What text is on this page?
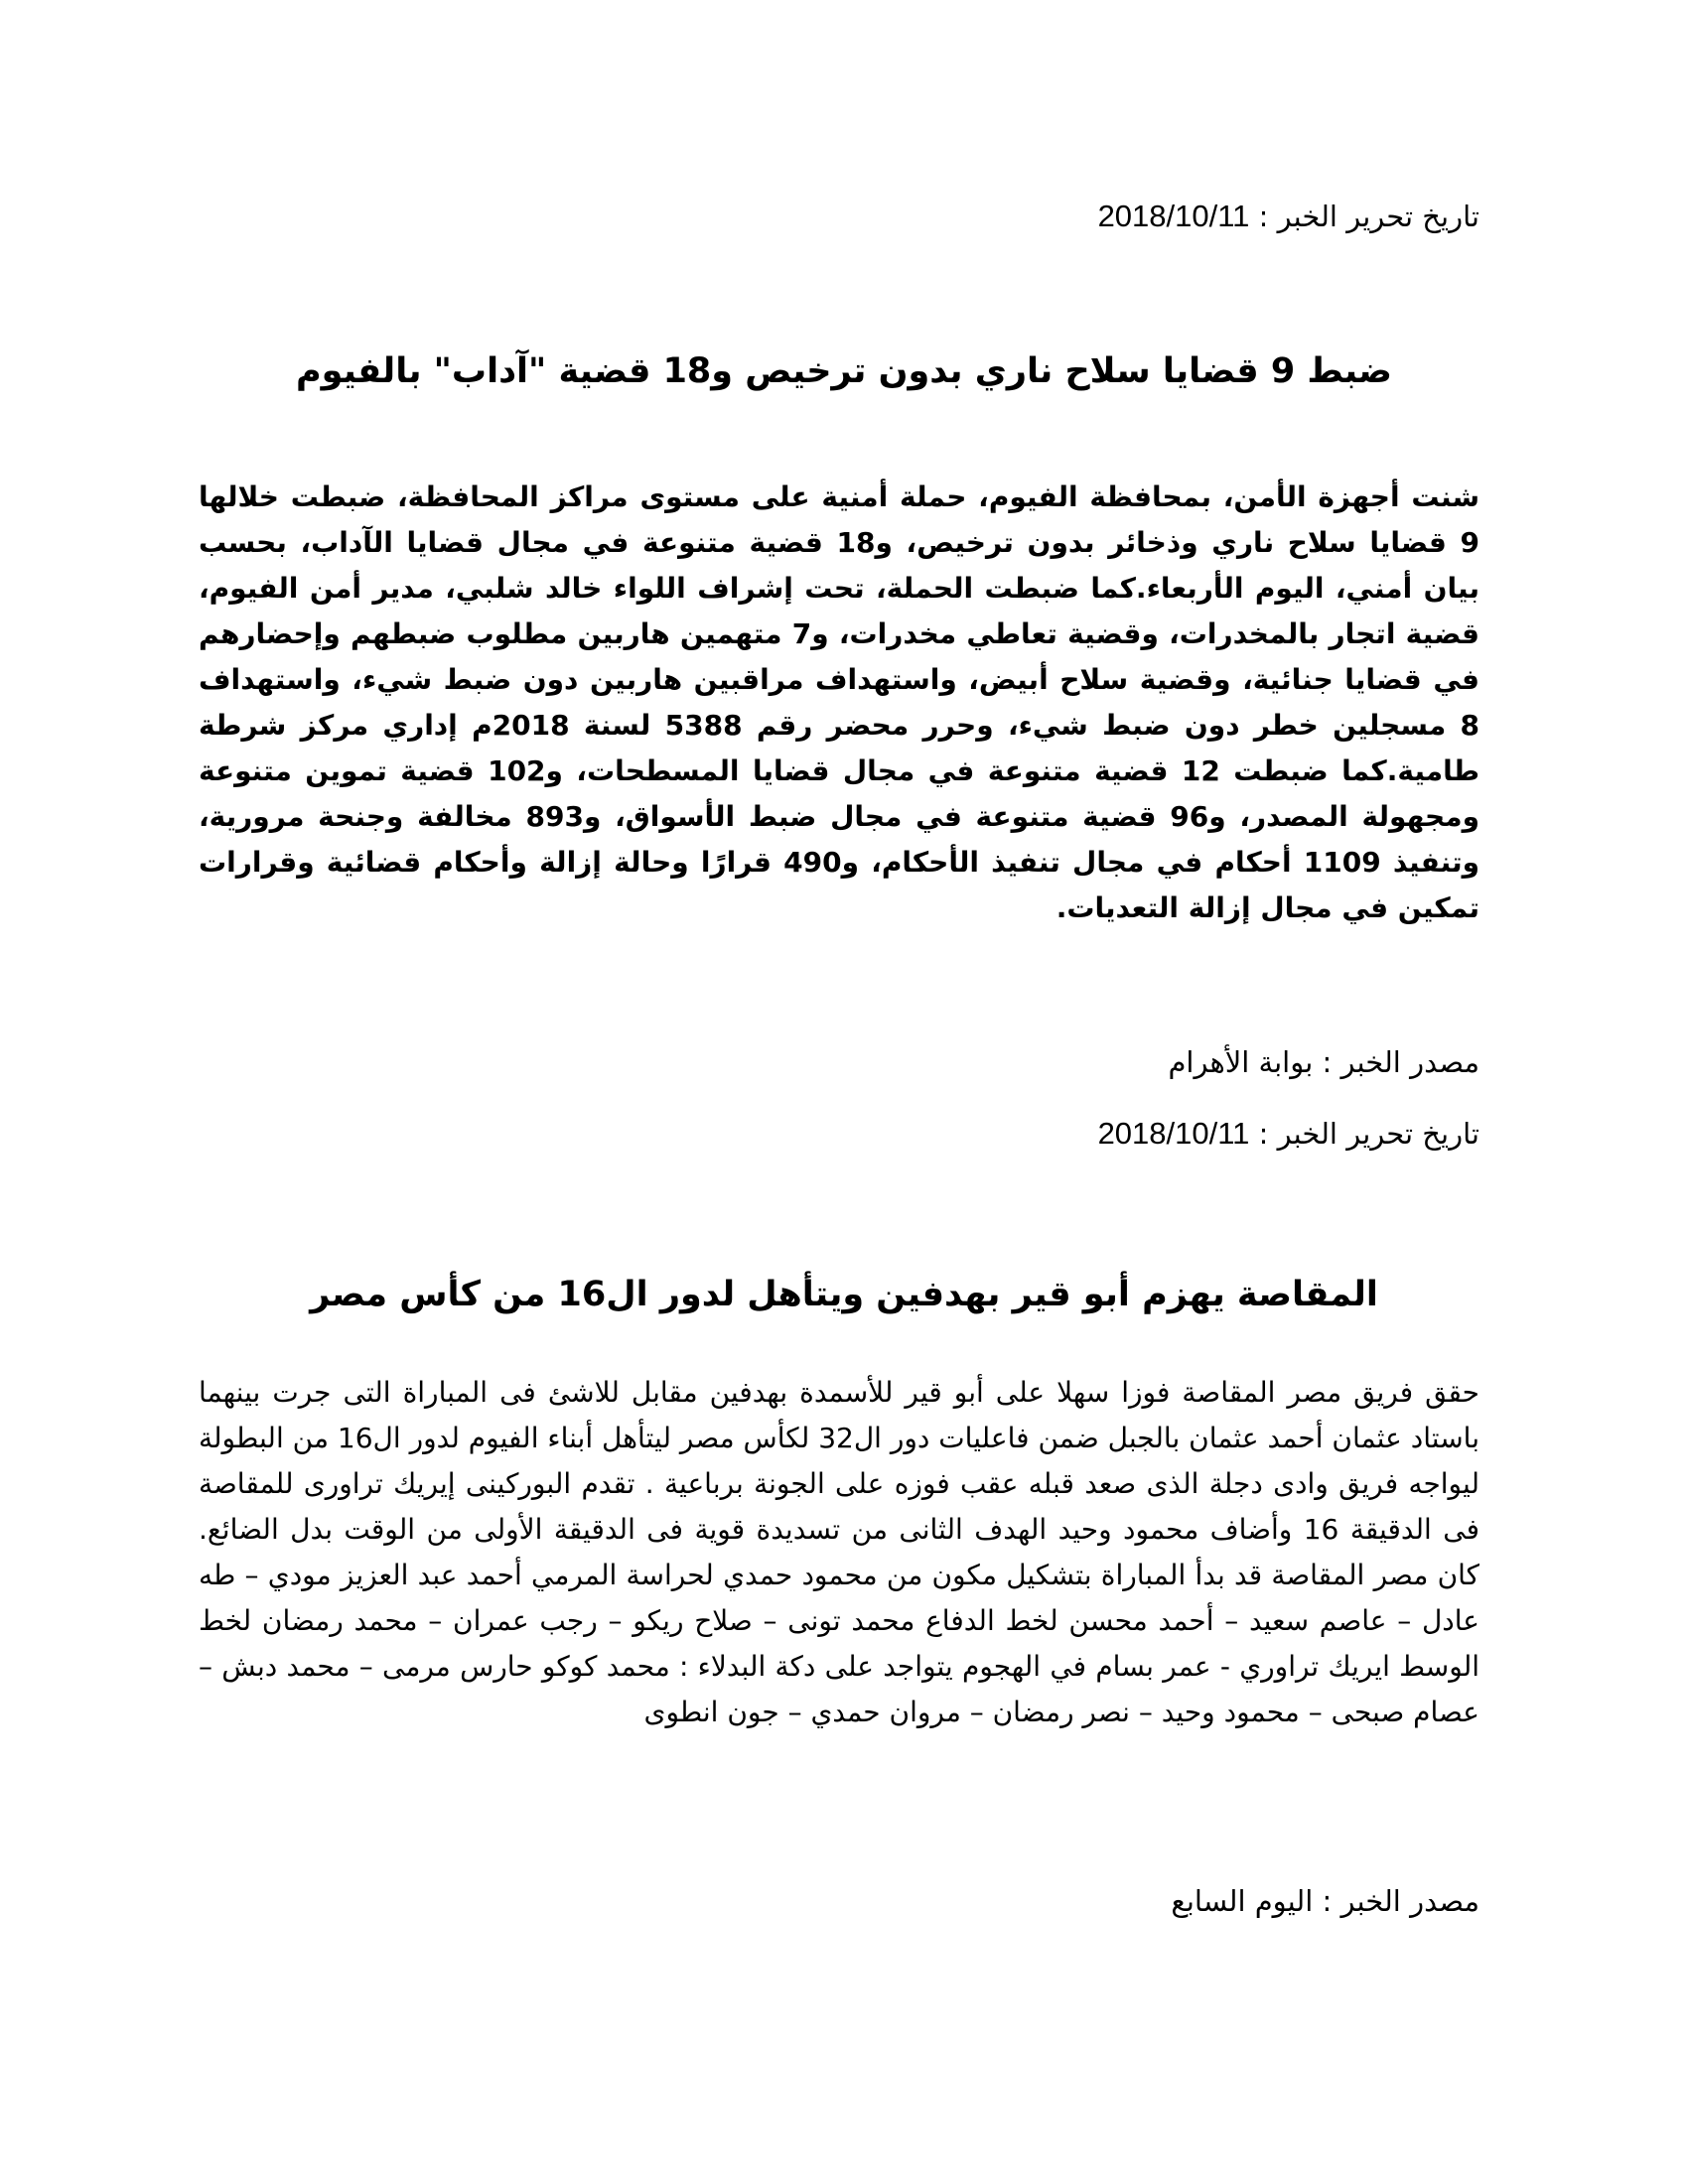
تاريخ تحرير الخبر : 2018/10/11
ضبط 9 قضايا سلاح ناري بدون ترخيص و18 قضية "آداب" بالفيوم
شنت أجهزة الأمن، بمحافظة الفيوم، حملة أمنية على مستوى مراكز المحافظة، ضبطت خلالها 9 قضايا سلاح ناري وذخائر بدون ترخيص، و18 قضية متنوعة في مجال قضايا الآداب، بحسب بيان أمني، اليوم الأربعاء.كما ضبطت الحملة، تحت إشراف اللواء خالد شلبي، مدير أمن الفيوم، قضية اتجار بالمخدرات، وقضية تعاطي مخدرات، و7 متهمين هاربين مطلوب ضبطهم وإحضارهم في قضايا جنائية، وقضية سلاح أبيض، واستهداف مراقبين هاربين دون ضبط شيء، واستهداف 8 مسجلين خطر دون ضبط شيء، وحرر محضر رقم 5388 لسنة 2018م إداري مركز شرطة طامية.كما ضبطت 12 قضية متنوعة في مجال قضايا المسطحات، و102 قضية تموين متنوعة ومجهولة المصدر، و96 قضية متنوعة في مجال ضبط الأسواق، و893 مخالفة وجنحة مرورية، وتنفيذ 1109 أحكام في مجال تنفيذ الأحكام، و490 قرارًا وحالة إزالة وأحكام قضائية وقرارات تمكين في مجال إزالة التعديات.
مصدر الخبر : بوابة الأهرام
تاريخ تحرير الخبر : 2018/10/11
المقاصة يهزم أبو قير بهدفين ويتأهل لدور ال16 من كأس مصر
حقق فريق مصر المقاصة فوزا سهلا على أبو قير للأسمدة بهدفين مقابل للاشئ فى المباراة التى جرت بينهما باستاد عثمان أحمد عثمان بالجبل ضمن فاعليات دور ال32 لكأس مصر ليتأهل أبناء الفيوم لدور ال16 من البطولة ليواجه فريق وادى دجلة الذى صعد قبله عقب فوزه على الجونة برباعية . تقدم البوركينى إيريك تراورى للمقاصة فى الدقيقة 16 وأضاف محمود وحيد الهدف الثانى من تسديدة قوية فى الدقيقة الأولى من الوقت بدل الضائع. كان مصر المقاصة قد بدأ المباراة بتشكيل مكون من محمود حمدي لحراسة المرمي أحمد عبد العزيز مودي – طه عادل – عاصم سعيد – أحمد محسن لخط الدفاع محمد تونى – صلاح ريكو – رجب عمران – محمد رمضان لخط الوسط ايريك تراوري - عمر بسام في الهجوم يتواجد على دكة البدلاء : محمد كوكو حارس مرمى – محمد دبش – عصام صبحى – محمود وحيد – نصر رمضان – مروان حمدي – جون انطوى
مصدر الخبر : اليوم السابع
